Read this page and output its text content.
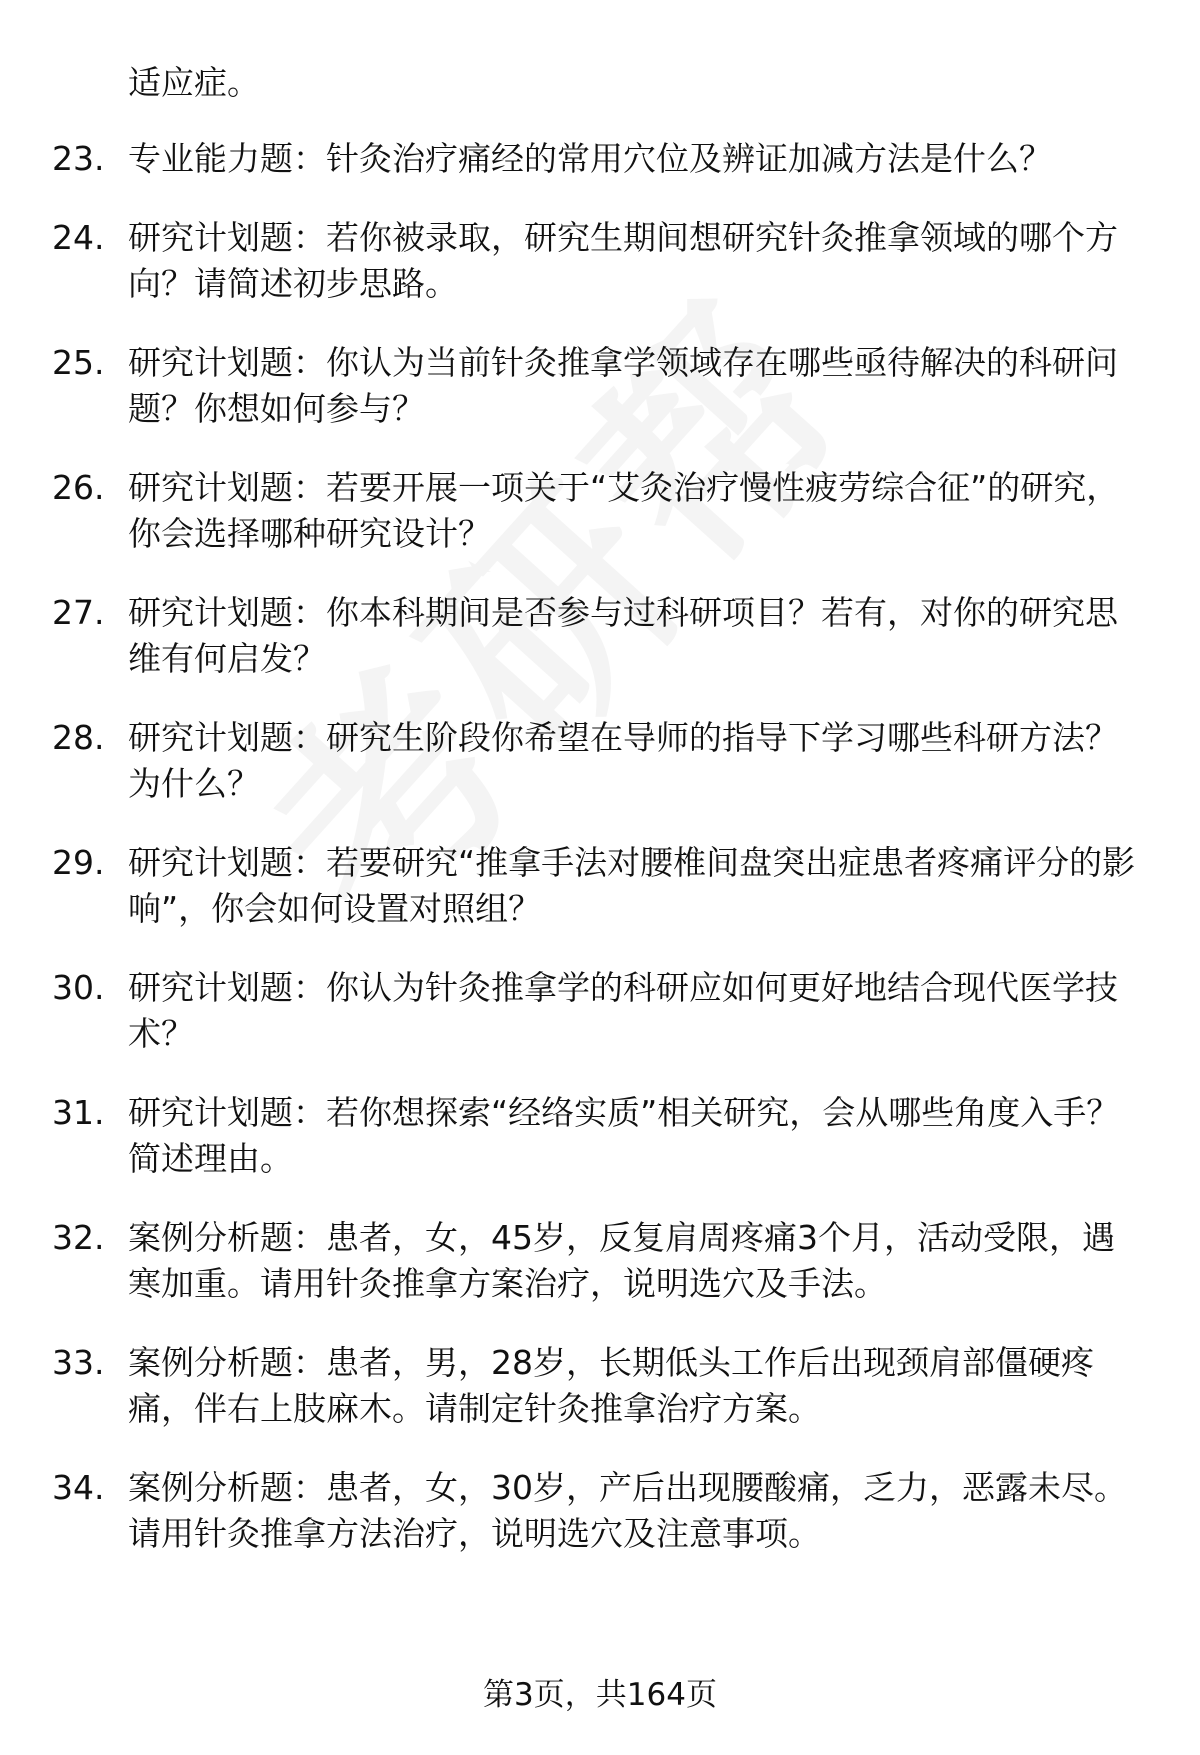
适应症。
23. 专业能力题：针灸治疗痛经的常用穴位及辨证加减方法是什么？
24. 研究计划题：若你被录取，研究生期间想研究针灸推拿领域的哪个方向？请简述初步思路。
25. 研究计划题：你认为当前针灸推拿学领域存在哪些亟待解决的科研问题？你想如何参与？
26. 研究计划题：若要开展一项关于“艾灸治疗慢性疲劳综合征”的研究，你会选择哪种研究设计？
27. 研究计划题：你本科期间是否参与过科研项目？若有，对你的研究思维有何启发？
28. 研究计划题：研究生阶段你希望在导师的指导下学习哪些科研方法？为什么？
29. 研究计划题：若要研究“推拿手法对腰椎间盘突出症患者疼痛评分的影响”，你会如何设置对照组？
30. 研究计划题：你认为针灸推拿学的科研应如何更好地结合现代医学技术？
31. 研究计划题：若你想探索“经络实质”相关研究，会从哪些角度入手？简述理由。
32. 案例分析题：患者，女，45岁，反复肩周疼痛3个月，活动受限，遇寒加重。请用针灸推拿方案治疗，说明选穴及手法。
33. 案例分析题：患者，男，28岁，长期低头工作后出现颈肩部僵硬疼痛，伴右上肢麻木。请制定针灸推拿治疗方案。
34. 案例分析题：患者，女，30岁，产后出现腰酸痛，乏力，恶露未尽。请用针灸推拿方法治疗，说明选穴及注意事项。
第3页，共164页
